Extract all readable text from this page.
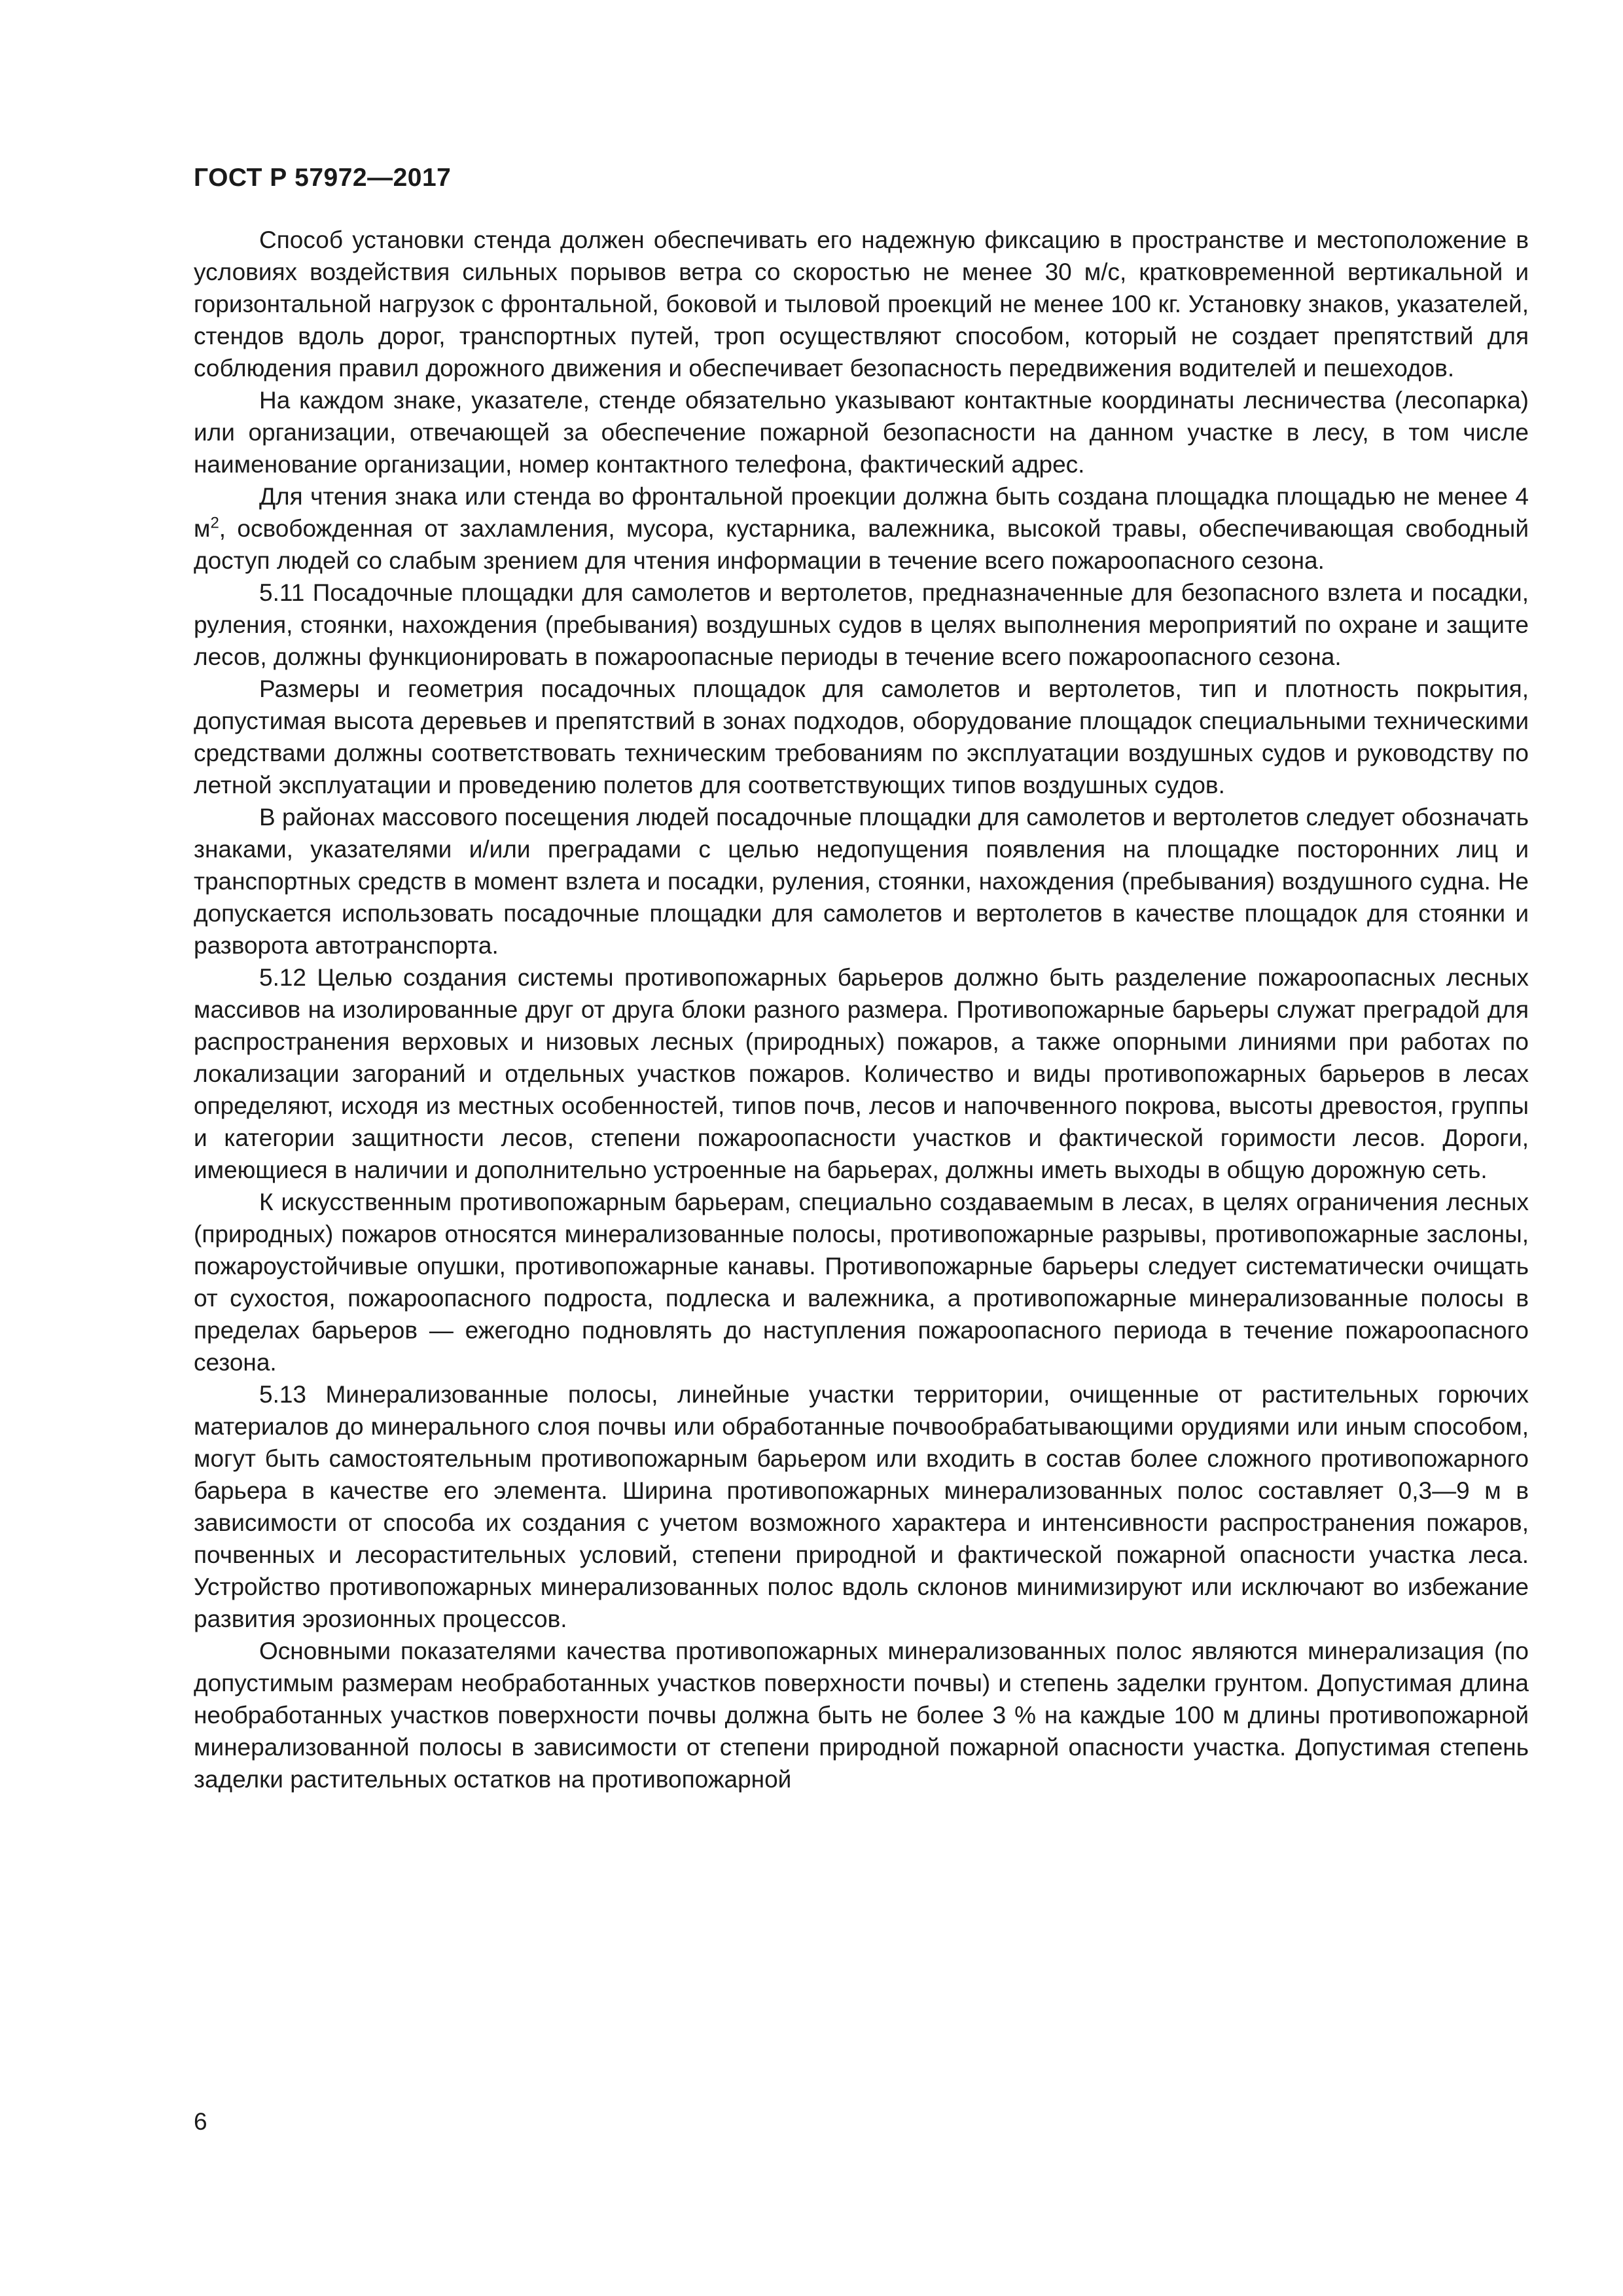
ГОСТ Р 57972—2017

Способ установки стенда должен обеспечивать его надежную фиксацию в пространстве и местоположение в условиях воздействия сильных порывов ветра со скоростью не менее 30 м/с, кратковременной вертикальной и горизонтальной нагрузок с фронтальной, боковой и тыловой проекций не менее 100 кг. Установку знаков, указателей, стендов вдоль дорог, транспортных путей, троп осуществляют способом, который не создает препятствий для соблюдения правил дорожного движения и обеспечивает безопасность передвижения водителей и пешеходов.

На каждом знаке, указателе, стенде обязательно указывают контактные координаты лесничества (лесопарка) или организации, отвечающей за обеспечение пожарной безопасности на данном участке в лесу, в том числе наименование организации, номер контактного телефона, фактический адрес.

Для чтения знака или стенда во фронтальной проекции должна быть создана площадка площадью не менее 4 $м^2$, освобожденная от захламления, мусора, кустарника, валежника, высокой травы, обеспечивающая свободный доступ людей со слабым зрением для чтения информации в течение всего пожароопасного сезона.

5.11 Посадочные площадки для самолетов и вертолетов, предназначенные для безопасного взлета и посадки, руления, стоянки, нахождения (пребывания) воздушных судов в целях выполнения мероприятий по охране и защите лесов, должны функционировать в пожароопасные периоды в течение всего пожароопасного сезона.

Размеры и геометрия посадочных площадок для самолетов и вертолетов, тип и плотность покрытия, допустимая высота деревьев и препятствий в зонах подходов, оборудование площадок специальными техническими средствами должны соответствовать техническим требованиям по эксплуатации воздушных судов и руководству по летной эксплуатации и проведению полетов для соответствующих типов воздушных судов.

В районах массового посещения людей посадочные площадки для самолетов и вертолетов следует обозначать знаками, указателями и/или преградами с целью недопущения появления на площадке посторонних лиц и транспортных средств в момент взлета и посадки, руления, стоянки, нахождения (пребывания) воздушного судна. Не допускается использовать посадочные площадки для самолетов и вертолетов в качестве площадок для стоянки и разворота автотранспорта.

5.12 Целью создания системы противопожарных барьеров должно быть разделение пожароопасных лесных массивов на изолированные друг от друга блоки разного размера. Противопожарные барьеры служат преградой для распространения верховых и низовых лесных (природных) пожаров, а также опорными линиями при работах по локализации загораний и отдельных участков пожаров. Количество и виды противопожарных барьеров в лесах определяют, исходя из местных особенностей, типов почв, лесов и напочвенного покрова, высоты древостоя, группы и категории защитности лесов, степени пожароопасности участков и фактической горимости лесов. Дороги, имеющиеся в наличии и дополнительно устроенные на барьерах, должны иметь выходы в общую дорожную сеть.

К искусственным противопожарным барьерам, специально создаваемым в лесах, в целях ограничения лесных (природных) пожаров относятся минерализованные полосы, противопожарные разрывы, противопожарные заслоны, пожароустойчивые опушки, противопожарные канавы. Противопожарные барьеры следует систематически очищать от сухостоя, пожароопасного подроста, подлеска и валежника, а противопожарные минерализованные полосы в пределах барьеров — ежегодно подновлять до наступления пожароопасного периода в течение пожароопасного сезона.

5.13 Минерализованные полосы, линейные участки территории, очищенные от растительных горючих материалов до минерального слоя почвы или обработанные почвообрабатывающими орудиями или иным способом, могут быть самостоятельным противопожарным барьером или входить в состав более сложного противопожарного барьера в качестве его элемента. Ширина противопожарных минерализованных полос составляет 0,3—9 м в зависимости от способа их создания с учетом возможного характера и интенсивности распространения пожаров, почвенных и лесорастительных условий, степени природной и фактической пожарной опасности участка леса. Устройство противопожарных минерализованных полос вдоль склонов минимизируют или исключают во избежание развития эрозионных процессов.

Основными показателями качества противопожарных минерализованных полос являются минерализация (по допустимым размерам необработанных участков поверхности почвы) и степень заделки грунтом. Допустимая длина необработанных участков поверхности почвы должна быть не более 3 % на каждые 100 м длины противопожарной минерализованной полосы в зависимости от степени природной пожарной опасности участка. Допустимая степень заделки растительных остатков на противопожарной

6
